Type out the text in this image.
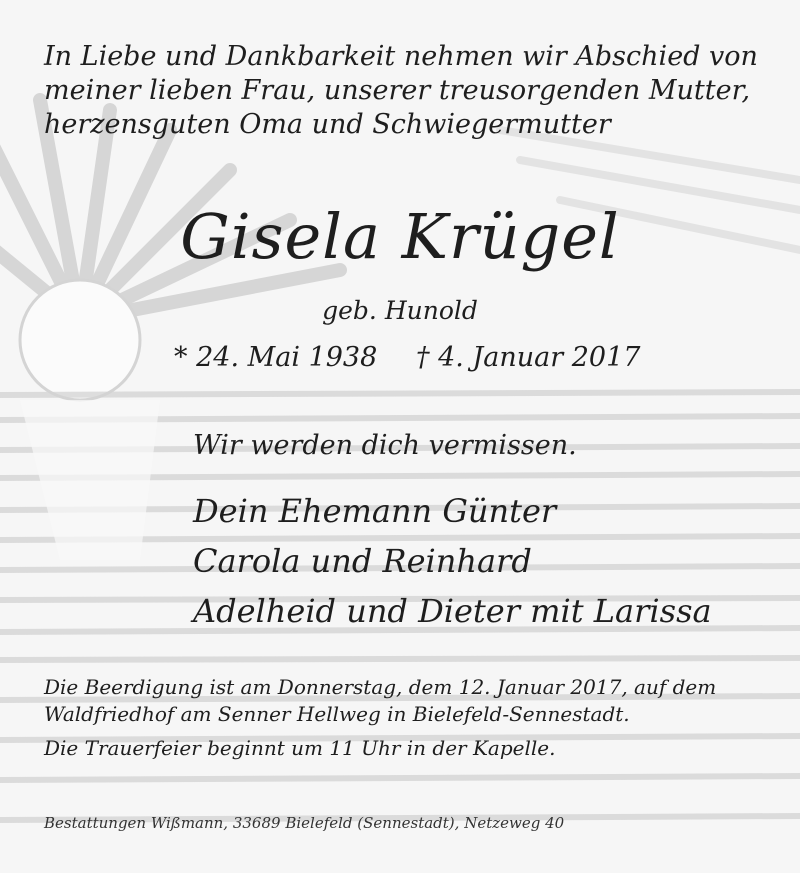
In Liebe und Dankbarkeit nehmen wir Abschied von meiner lieben Frau, unserer treusorgenden Mutter, herzensguten Oma und Schwiegermutter
Gisela Krügel
geb. Hunold
* 24. Mai 1938 † 4. Januar 2017
Wir werden dich vermissen.
Dein Ehemann Günter
Carola und Reinhard
Adelheid und Dieter mit Larissa
Die Beerdigung ist am Donnerstag, dem 12. Januar 2017, auf dem
Waldfriedhof am Senner Hellweg in Bielefeld-Sennestadt.
Die Trauerfeier beginnt um 11 Uhr in der Kapelle.
Bestattungen Wißmann, 33689 Bielefeld (Sennestadt), Netzeweg 40
